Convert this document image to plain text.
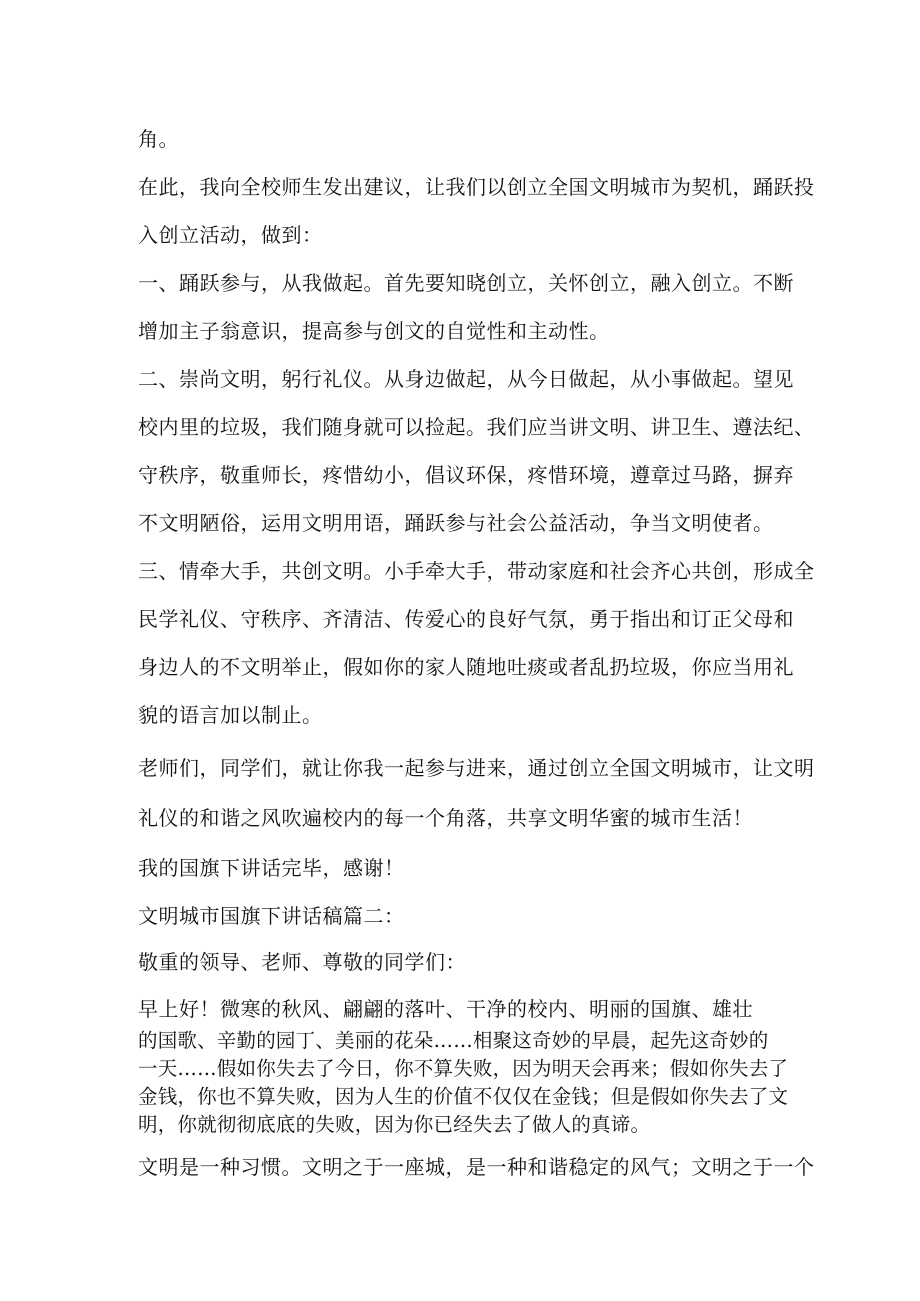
角。
在此，我向全校师生发出建议，让我们以创立全国文明城市为契机，踊跃投
入创立活动，做到：
一、踊跃参与，从我做起。首先要知晓创立，关怀创立，融入创立。不断
增加主子翁意识，提高参与创文的自觉性和主动性。
二、崇尚文明，躬行礼仪。从身边做起，从今日做起，从小事做起。望见
校内里的垃圾，我们随身就可以捡起。我们应当讲文明、讲卫生、遵法纪、
守秩序，敬重师长，疼惜幼小，倡议环保，疼惜环境，遵章过马路，摒弃
不文明陋俗，运用文明用语，踊跃参与社会公益活动，争当文明使者。
三、情牵大手，共创文明。小手牵大手，带动家庭和社会齐心共创，形成全
民学礼仪、守秩序、齐清洁、传爱心的良好气氛，勇于指出和订正父母和
身边人的不文明举止，假如你的家人随地吐痰或者乱扔垃圾，你应当用礼
貌的语言加以制止。
老师们，同学们，就让你我一起参与进来，通过创立全国文明城市，让文明
礼仪的和谐之风吹遍校内的每一个角落，共享文明华蜜的城市生活！
我的国旗下讲话完毕，感谢！
文明城市国旗下讲话稿篇二：
敬重的领导、老师、尊敬的同学们：
早上好！微寒的秋风、翩翩的落叶、干净的校内、明丽的国旗、雄壮
的国歌、辛勤的园丁、美丽的花朵……相聚这奇妙的早晨，起先这奇妙的
一天……假如你失去了今日，你不算失败，因为明天会再来；假如你失去了
金钱，你也不算失败，因为人生的价值不仅仅在金钱；但是假如你失去了文
明，你就彻彻底底的失败，因为你已经失去了做人的真谛。
文明是一种习惯。文明之于一座城，是一种和谐稳定的风气；文明之于一个
